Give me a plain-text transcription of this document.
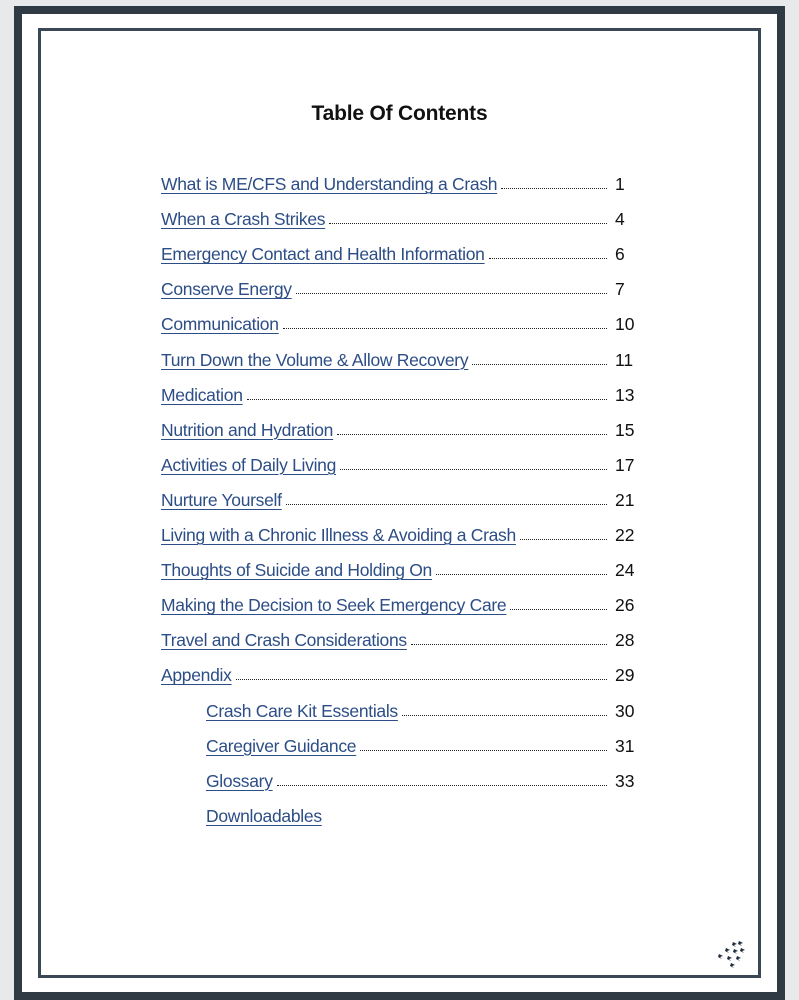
Table Of Contents
What is ME/CFS and Understanding a Crash	1
When a Crash Strikes	4
Emergency Contact and Health Information	6
Conserve Energy	7
Communication	10
Turn Down the Volume & Allow Recovery	11
Medication	13
Nutrition and Hydration	15
Activities of Daily Living	17
Nurture Yourself	21
Living with a Chronic Illness & Avoiding a Crash	22
Thoughts of Suicide and Holding On	24
Making the Decision to Seek Emergency Care	26
Travel and Crash Considerations	28
Appendix	29
Crash Care Kit Essentials	30
Caregiver Guidance	31
Glossary	33
Downloadables
